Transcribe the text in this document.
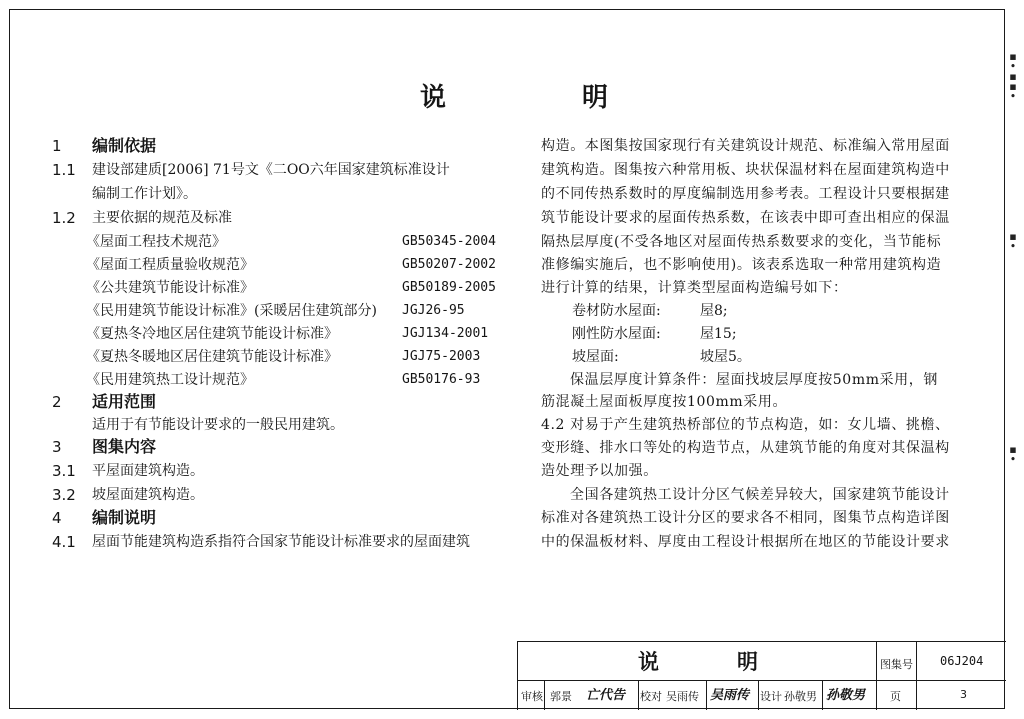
▪
•
▪
▪
•
▪
•
▪
•
说	明
1 编制依据
1.1 建设部建质[2006] 71号文《二OO六年国家建筑标准设计
编制工作计划》。
1.2 主要依据的规范及标准
《屋面工程技术规范》	GB50345-2004
《屋面工程质量验收规范》	GB50207-2002
《公共建筑节能设计标准》	GB50189-2005
《民用建筑节能设计标准》(采暖居住建筑部分) JGJ26-95
《夏热冬冷地区居住建筑节能设计标准》	JGJ134-2001
《夏热冬暖地区居住建筑节能设计标准》	JGJ75-2003
《民用建筑热工设计规范》	GB50176-93
2 适用范围
适用于有节能设计要求的一般民用建筑。
3 图集内容
3.1 平屋面建筑构造。
3.2 坡屋面建筑构造。
4 编制说明
4.1 屋面节能建筑构造系指符合国家节能设计标准要求的屋面建筑
构造。本图集按国家现行有关建筑设计规范、标准编入常用屋面
建筑构造。图集按六种常用板、块状保温材料在屋面建筑构造中
的不同传热系数时的厚度编制选用参考表。工程设计只要根据建
筑节能设计要求的屋面传热系数，在该表中即可查出相应的保温
隔热层厚度(不受各地区对屋面传热系数要求的变化，当节能标
准修编实施后，也不影响使用)。该表系选取一种常用建筑构造
进行计算的结果，计算类型屋面构造编号如下：
卷材防水屋面:	屋8;
刚性防水屋面:	屋15;
坡屋面:	坡屋5。
保温层厚度计算条件：屋面找坡层厚度按50mm采用，钢
筋混凝土屋面板厚度按100mm采用。
4.2 对易于产生建筑热桥部位的节点构造，如：女儿墙、挑檐、
变形缝、排水口等处的构造节点，从建筑节能的角度对其保温构
造处理予以加强。
全国各建筑热工设计分区气候差异较大，国家建筑节能设计
标准对各建筑热工设计分区的要求各不相同，图集节点构造详图
中的保温板材料、厚度由工程设计根据所在地区的节能设计要求
说	明	图集号 06J204
审核 郭景 亡代告 校对 吴雨传 吴雨传 设计 孙敬男 孙敬男 页	3
